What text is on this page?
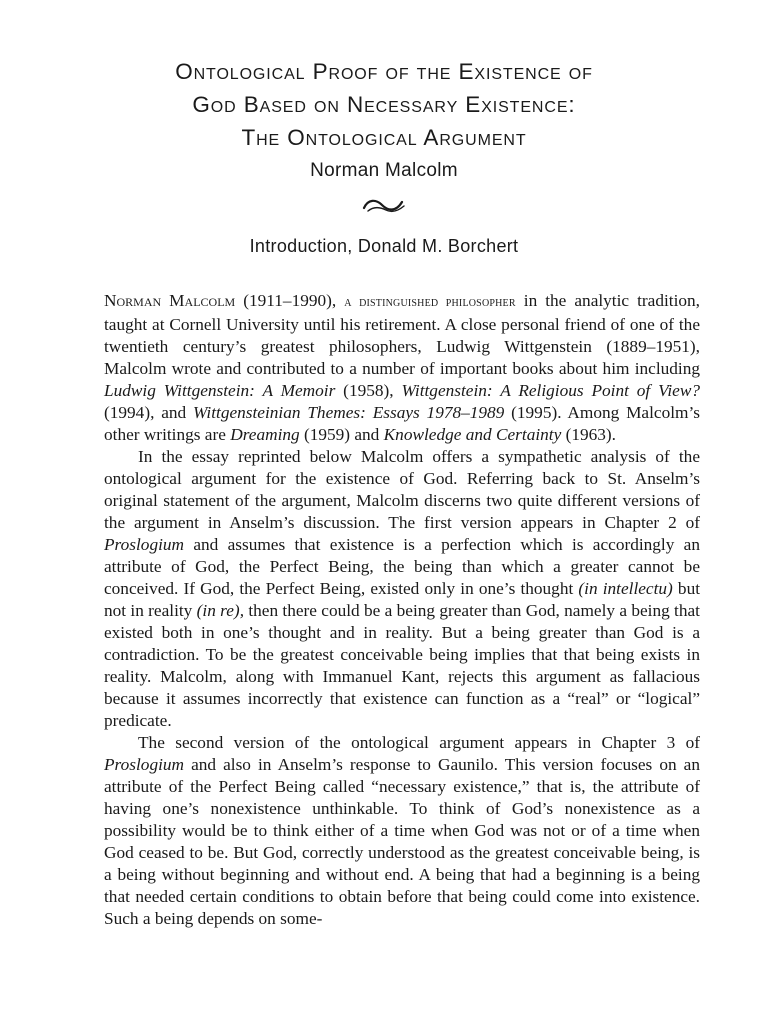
Ontological Proof of the Existence of
God Based on Necessary Existence:
The Ontological Argument
Norman Malcolm
Introduction, Donald M. Borchert

Norman Malcolm (1911–1990), a distinguished philosopher in the analytic tradition, taught at Cornell University until his retirement. A close personal friend of one of the twentieth century’s greatest philosophers, Ludwig Wittgenstein (1889–1951), Malcolm wrote and contributed to a number of important books about him including Ludwig Wittgenstein: A Memoir (1958), Wittgenstein: A Religious Point of View? (1994), and Wittgensteinian Themes: Essays 1978–1989 (1995). Among Malcolm’s other writings are Dreaming (1959) and Knowledge and Certainty (1963).

In the essay reprinted below Malcolm offers a sympathetic analysis of the ontological argument for the existence of God. Referring back to St. Anselm’s original statement of the argument, Malcolm discerns two quite different versions of the argument in Anselm’s discussion. The first version appears in Chapter 2 of Proslogium and assumes that existence is a perfection which is accordingly an attribute of God, the Perfect Being, the being than which a greater cannot be conceived. If God, the Perfect Being, existed only in one’s thought (in intellectu) but not in reality (in re), then there could be a being greater than God, namely a being that existed both in one’s thought and in reality. But a being greater than God is a contradiction. To be the greatest conceivable being implies that that being exists in reality. Malcolm, along with Immanuel Kant, rejects this argument as fallacious because it assumes incorrectly that existence can function as a “real” or “logical” predicate.

The second version of the ontological argument appears in Chapter 3 of Proslogium and also in Anselm’s response to Gaunilo. This version focuses on an attribute of the Perfect Being called “necessary existence,” that is, the attribute of having one’s nonexistence unthinkable. To think of God’s nonexistence as a possibility would be to think either of a time when God was not or of a time when God ceased to be. But God, correctly understood as the greatest conceivable being, is a being without beginning and without end. A being that had a beginning is a being that needed certain conditions to obtain before that being could come into existence. Such a being depends on some-
